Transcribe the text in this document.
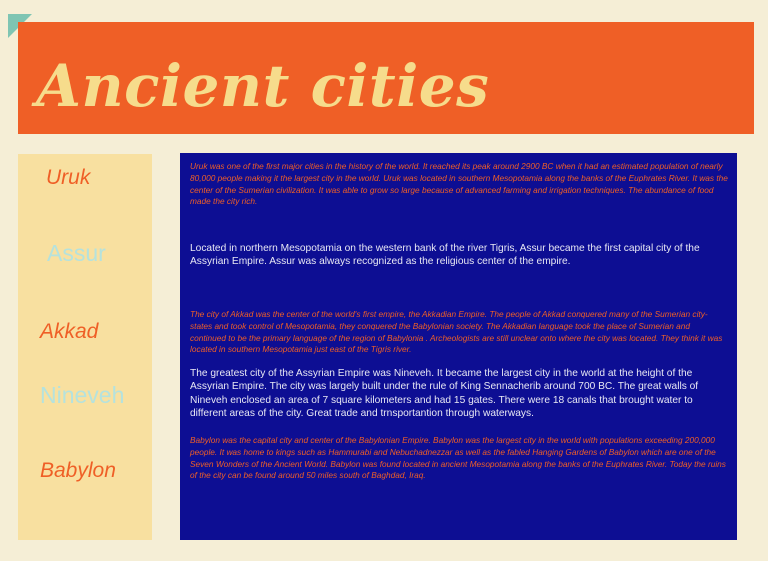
Ancient cities
Uruk
Assur
Akkad
Nineveh
Babylon

Uruk was one of the first major cities in the history of the world. It reached its peak around 2900 BC when it had an estimated population of nearly 80,000 people making it the largest city in the world. Uruk was located in southern Mesopotamia along the banks of the Euphrates River. It was the center of the Sumerian civilization. It was able to grow so large because of advanced farming and irrigation techniques. The abundance of food made the city rich.

Located in northern Mesopotamia on the western bank of the river Tigris, Assur became the first capital city of the Assyrian Empire. Assur was always recognized as the religious center of the empire.

The city of Akkad was the center of the world's first empire, the Akkadian Empire. The people of Akkad conquered many of the Sumerian city-states and took control of Mesopotamia, they conquered the Babylonian society. The Akkadian language took the place of Sumerian and continued to be the primary language of the region of Babylonia . Archeologists are still unclear onto where the city was located. They think it was located in southern Mesopotamia just east of the Tigris river.

The greatest city of the Assyrian Empire was Nineveh. It became the largest city in the world at the height of the Assyrian Empire. The city was largely built under the rule of King Sennacherib around 700 BC. The great walls of Nineveh enclosed an area of 7 square kilometers and had 15 gates. There were 18 canals that brought water to different areas of the city. Great trade and trnsportantion through waterways.

Babylon was the capital city and center of the Babylonian Empire. Babylon was the largest city in the world with populations exceeding 200,000 people. It was home to kings such as Hammurabi and Nebuchadnezzar as well as the fabled Hanging Gardens of Babylon which are one of the Seven Wonders of the Ancient World. Babylon was found located in ancient Mesopotamia along the banks of the Euphrates River. Today the ruins of the city can be found around 50 miles south of Baghdad, Iraq.
